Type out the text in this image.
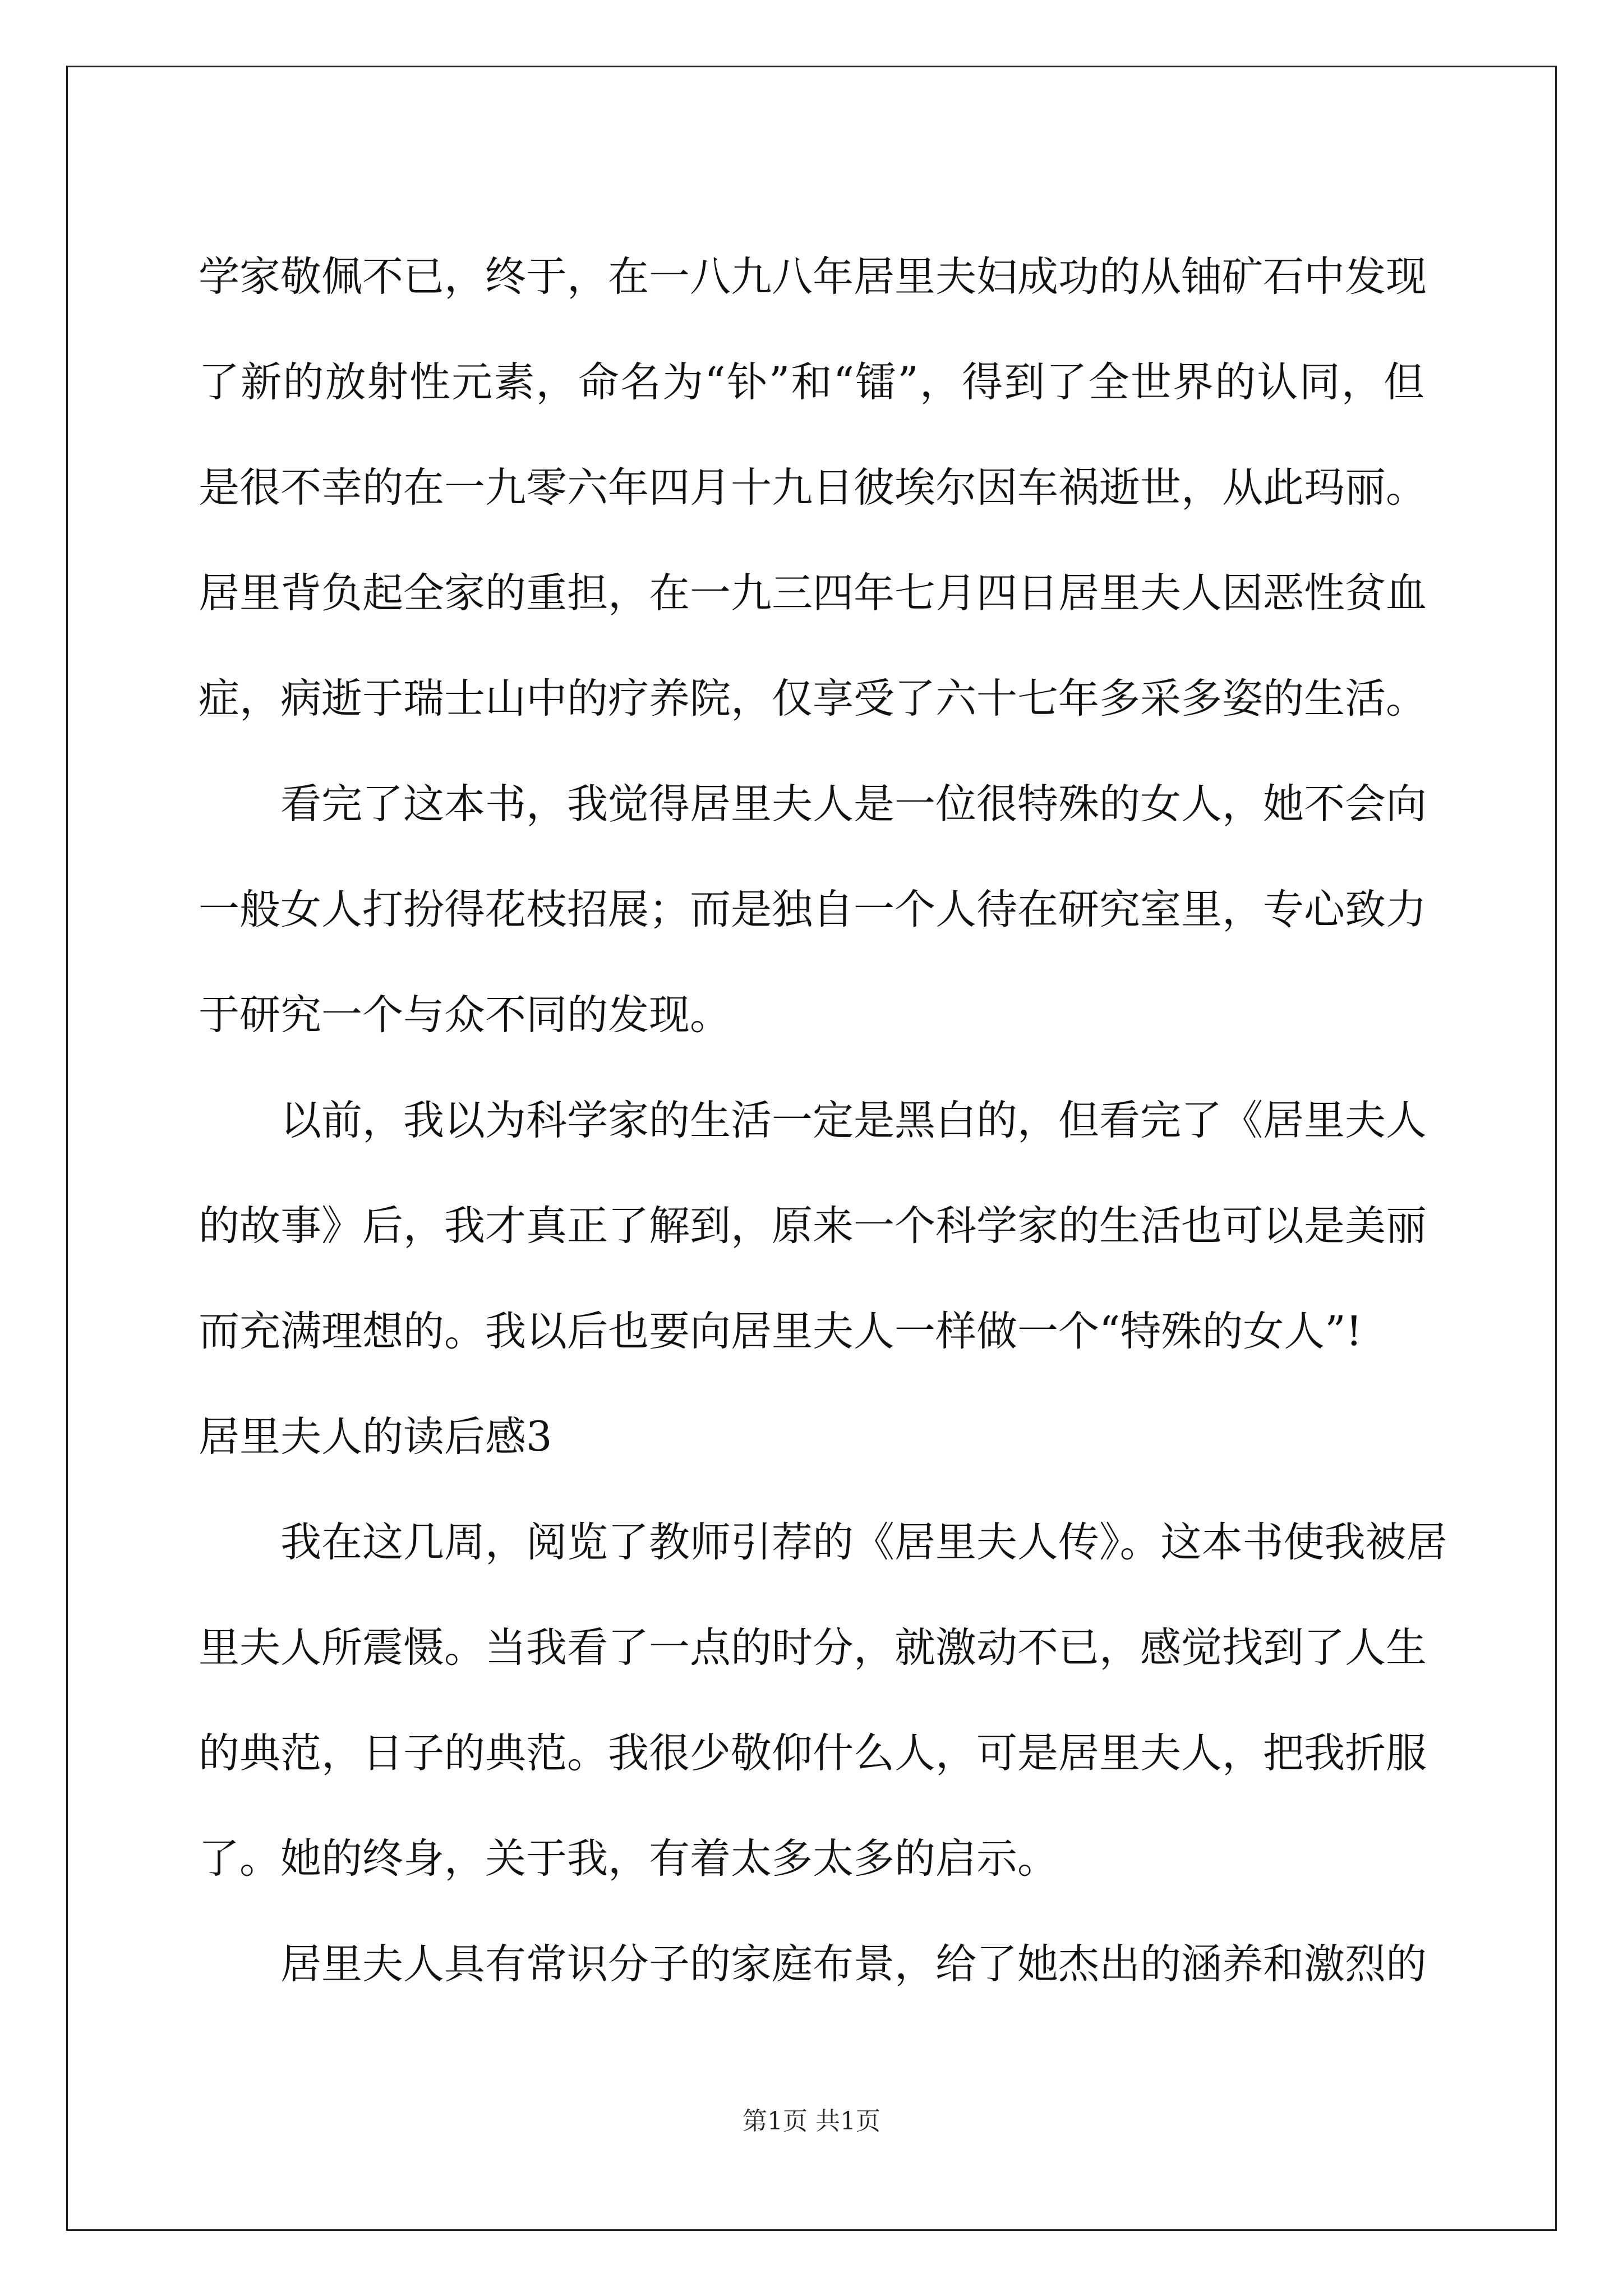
学家敬佩不已，终于，在一八九八年居里夫妇成功的从铀矿石中发现
了新的放射性元素，命名为“钋”和“镭”，得到了全世界的认同，但
是很不幸的在一九零六年四月十九日彼埃尔因车祸逝世，从此玛丽。
居里背负起全家的重担，在一九三四年七月四日居里夫人因恶性贫血
症，病逝于瑞士山中的疗养院，仅享受了六十七年多采多姿的生活。
看完了这本书，我觉得居里夫人是一位很特殊的女人，她不会向
一般女人打扮得花枝招展；而是独自一个人待在研究室里，专心致力
于研究一个与众不同的发现。
以前，我以为科学家的生活一定是黑白的，但看完了《居里夫人
的故事》后，我才真正了解到，原来一个科学家的生活也可以是美丽
而充满理想的。我以后也要向居里夫人一样做一个“特殊的女人”!
居里夫人的读后感3
我在这几周，阅览了教师引荐的《居里夫人传》。这本书使我被居
里夫人所震慑。当我看了一点的时分，就激动不已，感觉找到了人生
的典范，日子的典范。我很少敬仰什么人，可是居里夫人，把我折服
了。她的终身，关于我，有着太多太多的启示。
居里夫人具有常识分子的家庭布景，给了她杰出的涵养和激烈的
第1页 共1页
